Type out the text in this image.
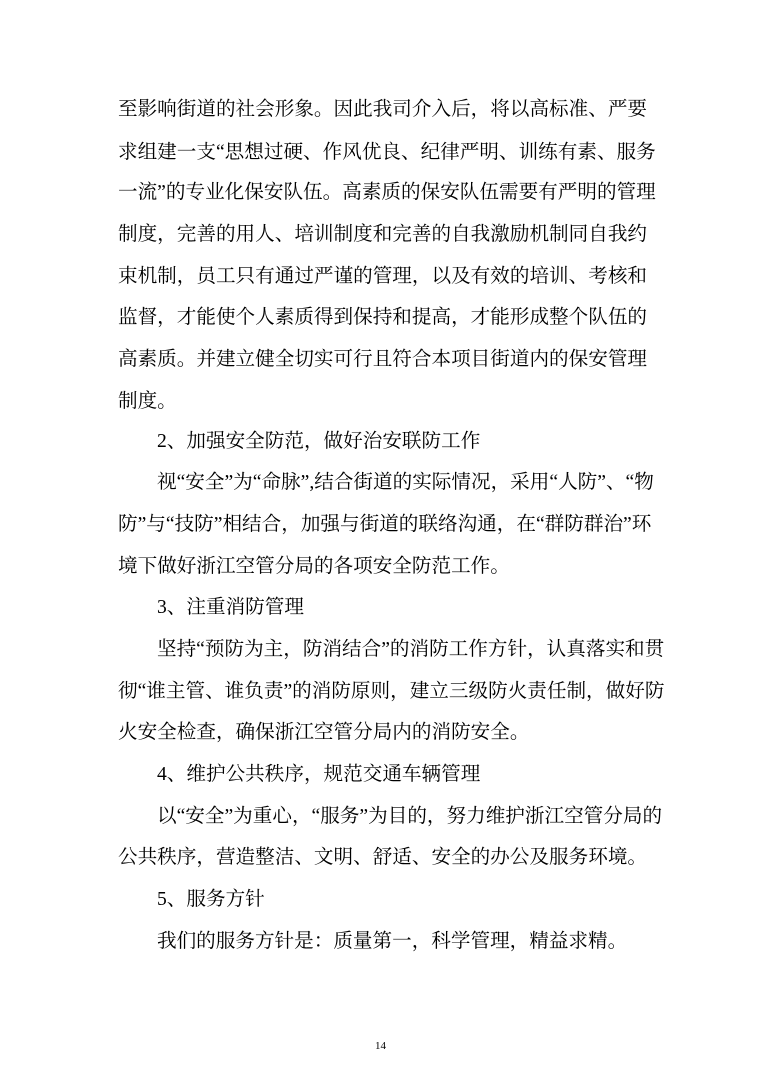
至影响街道的社会形象。因此我司介入后，将以高标准、严要
求组建一支“思想过硬、作风优良、纪律严明、训练有素、服务
一流”的专业化保安队伍。高素质的保安队伍需要有严明的管理
制度，完善的用人、培训制度和完善的自我激励机制同自我约
束机制，员工只有通过严谨的管理，以及有效的培训、考核和
监督，才能使个人素质得到保持和提高，才能形成整个队伍的
高素质。并建立健全切实可行且符合本项目街道内的保安管理
制度。
2、加强安全防范，做好治安联防工作
视“安全”为“命脉”,结合街道的实际情况，采用“人防”、“物
防”与“技防”相结合，加强与街道的联络沟通，在“群防群治”环
境下做好浙江空管分局的各项安全防范工作。
3、注重消防管理
坚持“预防为主，防消结合”的消防工作方针，认真落实和贯
彻“谁主管、谁负责”的消防原则，建立三级防火责任制，做好防
火安全检查，确保浙江空管分局内的消防安全。
4、维护公共秩序，规范交通车辆管理
以“安全”为重心，“服务”为目的，努力维护浙江空管分局的
公共秩序，营造整洁、文明、舒适、安全的办公及服务环境。
5、服务方针
我们的服务方针是：质量第一，科学管理，精益求精。
14
